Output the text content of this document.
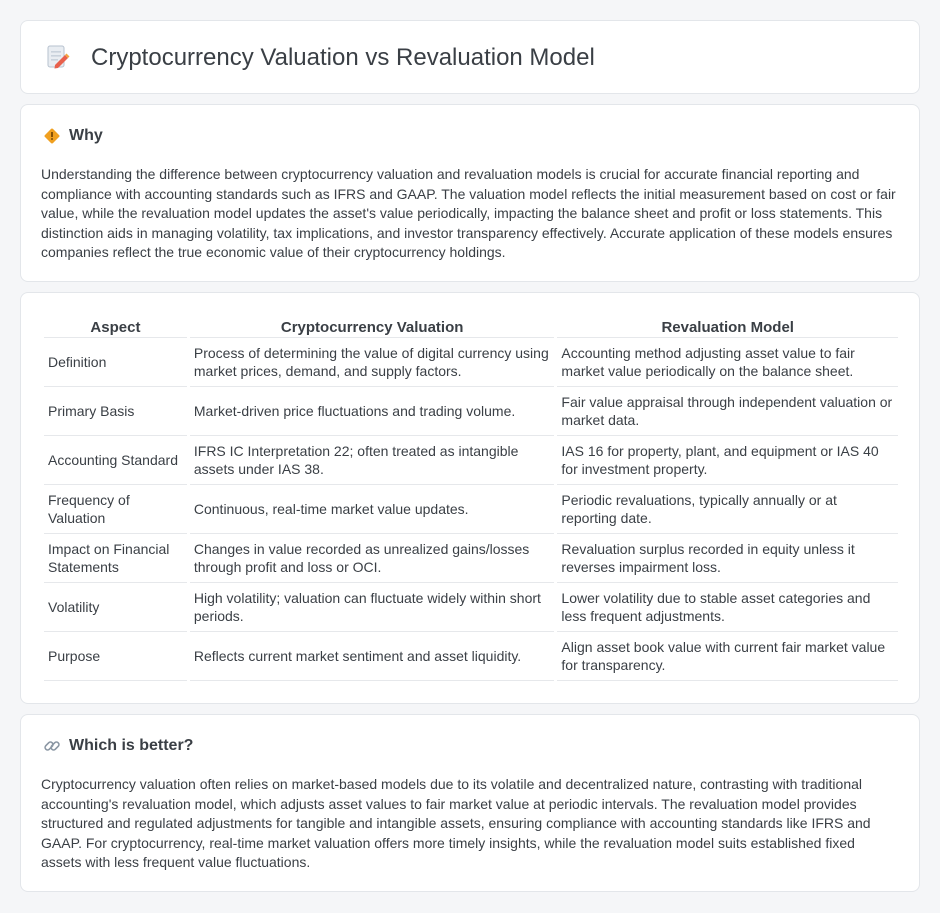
Cryptocurrency Valuation vs Revaluation Model
Why

Understanding the difference between cryptocurrency valuation and revaluation models is crucial for accurate financial reporting and compliance with accounting standards such as IFRS and GAAP. The valuation model reflects the initial measurement based on cost or fair value, while the revaluation model updates the asset's value periodically, impacting the balance sheet and profit or loss statements. This distinction aids in managing volatility, tax implications, and investor transparency effectively. Accurate application of these models ensures companies reflect the true economic value of their cryptocurrency holdings.

Aspect	Cryptocurrency Valuation	Revaluation Model
Definition	Process of determining the value of digital currency using market prices, demand, and supply factors.	Accounting method adjusting asset value to fair market value periodically on the balance sheet.
Primary Basis	Market-driven price fluctuations and trading volume.	Fair value appraisal through independent valuation or market data.
Accounting Standard	IFRS IC Interpretation 22; often treated as intangible assets under IAS 38.	IAS 16 for property, plant, and equipment or IAS 40 for investment property.
Frequency of Valuation	Continuous, real-time market value updates.	Periodic revaluations, typically annually or at reporting date.
Impact on Financial Statements	Changes in value recorded as unrealized gains/losses through profit and loss or OCI.	Revaluation surplus recorded in equity unless it reverses impairment loss.
Volatility	High volatility; valuation can fluctuate widely within short periods.	Lower volatility due to stable asset categories and less frequent adjustments.
Purpose	Reflects current market sentiment and asset liquidity.	Align asset book value with current fair market value for transparency.
Which is better?

Cryptocurrency valuation often relies on market-based models due to its volatile and decentralized nature, contrasting with traditional accounting's revaluation model, which adjusts asset values to fair market value at periodic intervals. The revaluation model provides structured and regulated adjustments for tangible and intangible assets, ensuring compliance with accounting standards like IFRS and GAAP. For cryptocurrency, real-time market valuation offers more timely insights, while the revaluation model suits established fixed assets with less frequent value fluctuations.
